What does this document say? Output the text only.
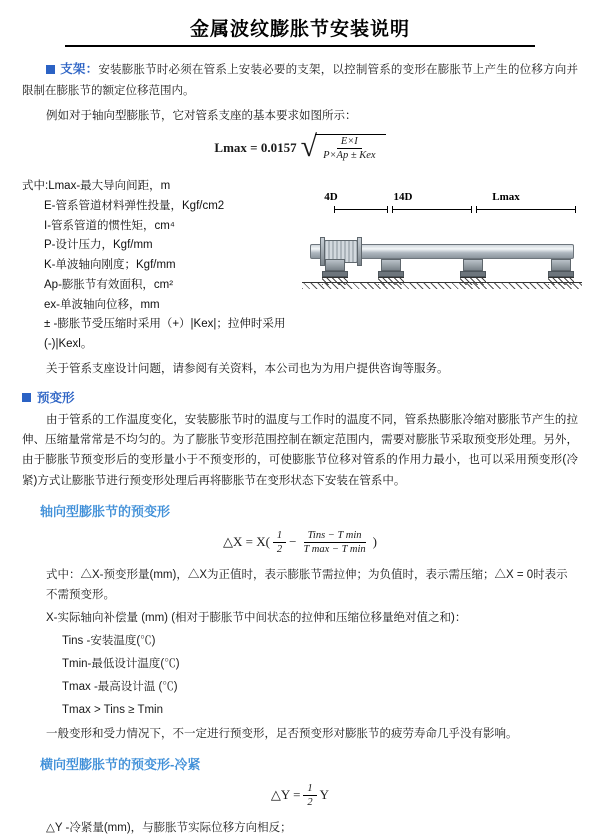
金属波纹膨胀节安装说明
支架：安装膨胀节时必须在管系上安装必要的支架，以控制管系的变形在膨胀节上产生的位移方向并限制在膨胀节的额定位移范围内。

例如对于轴向型膨胀节，它对管系支座的基本要求如图所示：

Lmax = 0.0157 √ $\frac{E\times I}{\text{P×Ap ± Kex}}$
式中:Lmax-最大导向间距，m
E-管系管道材料弹性投量，Kgf/cm2
I-管系管道的惯性矩，cm⁴
P-设计压力，Kgf/mm
K-单波轴向刚度；Kgf/mm
Ap-膨胀节有效面积，cm²
ex-单波轴向位移，mm
± -膨胀节受压缩时采用（+）|Kex|；拉伸时采用(-)|Kexl。
4D	14D	Lmax

关于管系支座设计问题，请参阅有关资料，本公司也为为用户提供咨询等服务。

预变形

由于管系的工作温度变化，安装膨胀节时的温度与工作时的温度不同，管系热膨胀冷缩对膨胀节产生的拉伸、压缩量常常是不均匀的。为了膨胀节变形范围控制在额定范围内，需要对膨胀节采取预变形处理。另外，由于膨胀节预变形后的变形量小于不预变形的，可使膨胀节位移对管系的作用力最小，也可以采用预变形(冷紧)方式让膨胀节进行预变形处理后再将膨胀节在变形状态下安装在管系中。

轴向型膨胀节的预变形
△X = $X( \frac{1}{2} - \frac{\text{Tins − T min}}{\text{T max − T min}}$ )
式中：△X-预变形量(mm)，△X为正值时，表示膨胀节需拉伸；为负值时，表示需压缩；△X = 0时表示不需预变形。
X-实际轴向补偿量 (mm) (相对于膨胀节中间状态的拉伸和压缩位移量绝对值之和)：
Tins -安装温度(℃)
Tmin-最低设计温度(℃)
Tmax -最高设计温 (℃)
Tmax > Tins ≥ Tmin
一般变形和受力情况下，不一定进行预变形，足否预变形对膨胀节的疲劳寿命几乎没有影响。
横向型膨胀节的预变形-冷紧
△Y = $\frac{1}{2}$ Y
△Y -冷紧量(mm)，与膨胀节实际位移方向相反；
